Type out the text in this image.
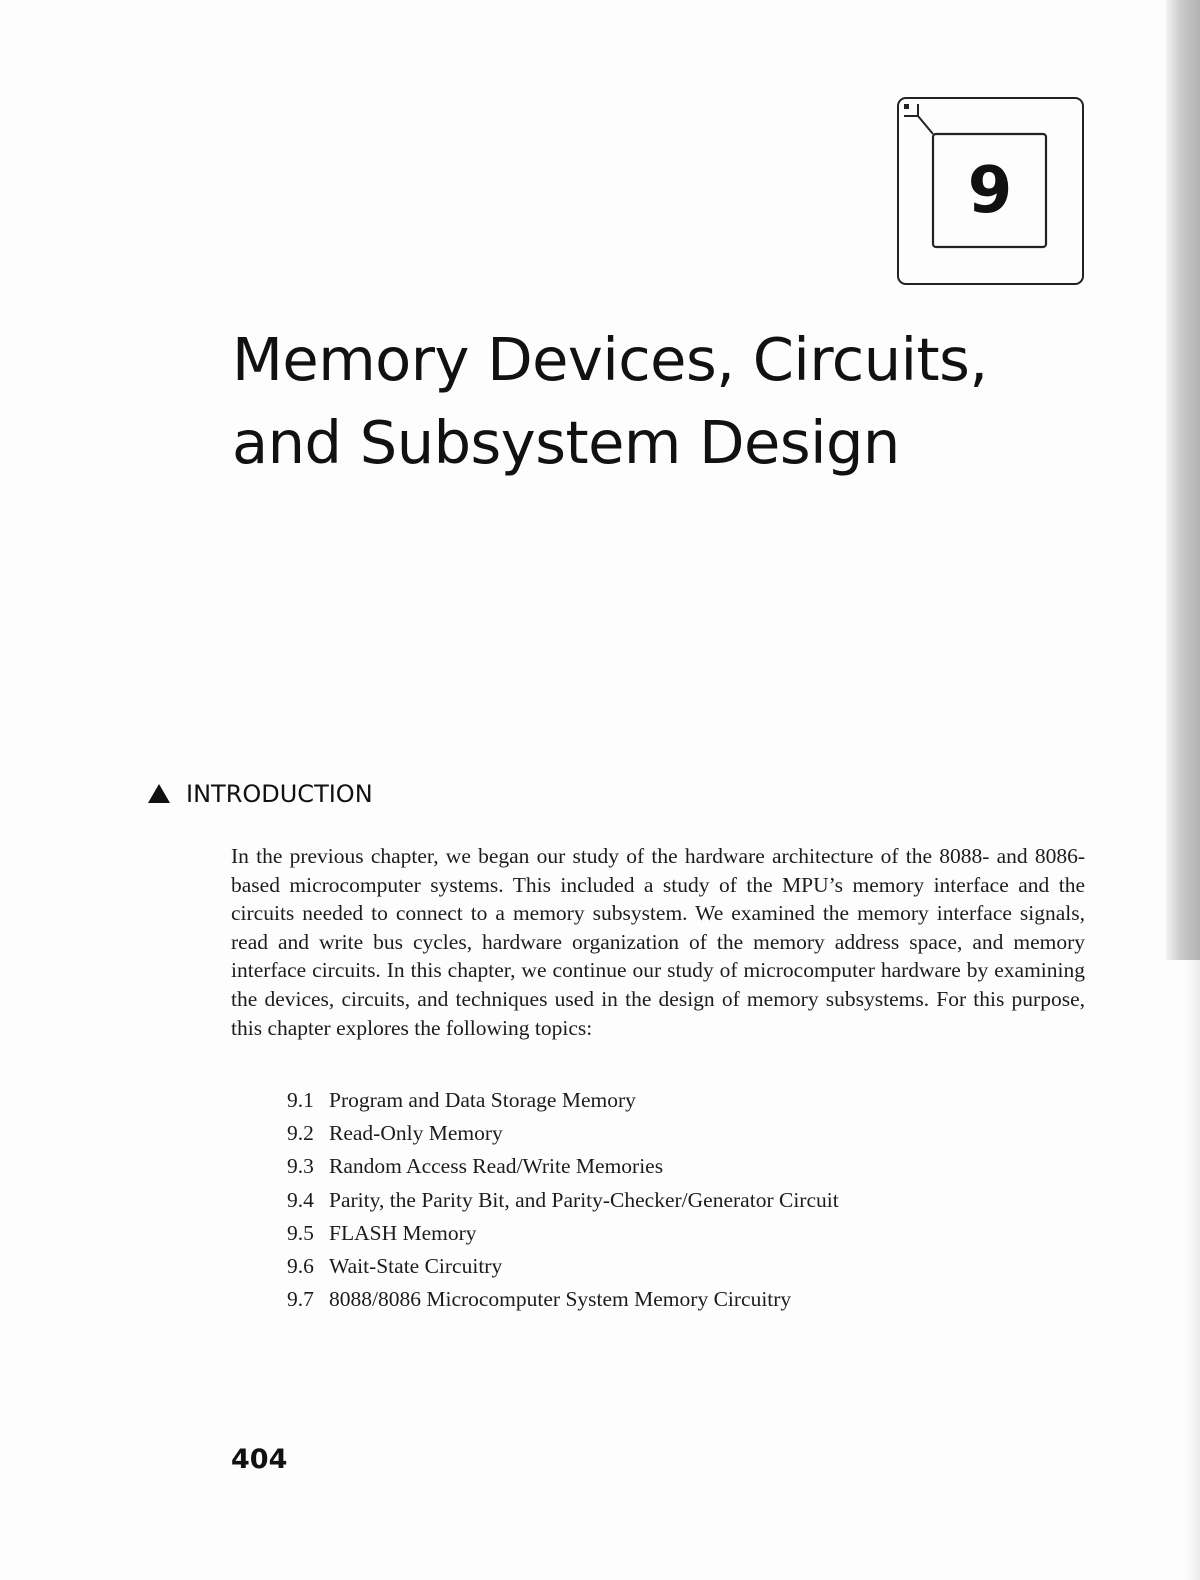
9
Memory Devices, Circuits,
and Subsystem Design
INTRODUCTION

In the previous chapter, we began our study of the hardware architecture of the 8088- and 8086-based microcomputer systems. This included a study of the MPU’s memory interface and the circuits needed to connect to a memory subsystem. We examined the memory interface signals, read and write bus cycles, hardware organization of the memory address space, and memory interface circuits. In this chapter, we continue our study of microcomputer hardware by examining the devices, circuits, and techniques used in the design of memory subsystems. For this purpose, this chapter explores the following topics:

9.1 Program and Data Storage Memory
9.2 Read-Only Memory
9.3 Random Access Read/Write Memories
9.4 Parity, the Parity Bit, and Parity-Checker/Generator Circuit
9.5 FLASH Memory
9.6 Wait-State Circuitry
9.7 8088/8086 Microcomputer System Memory Circuitry
404
